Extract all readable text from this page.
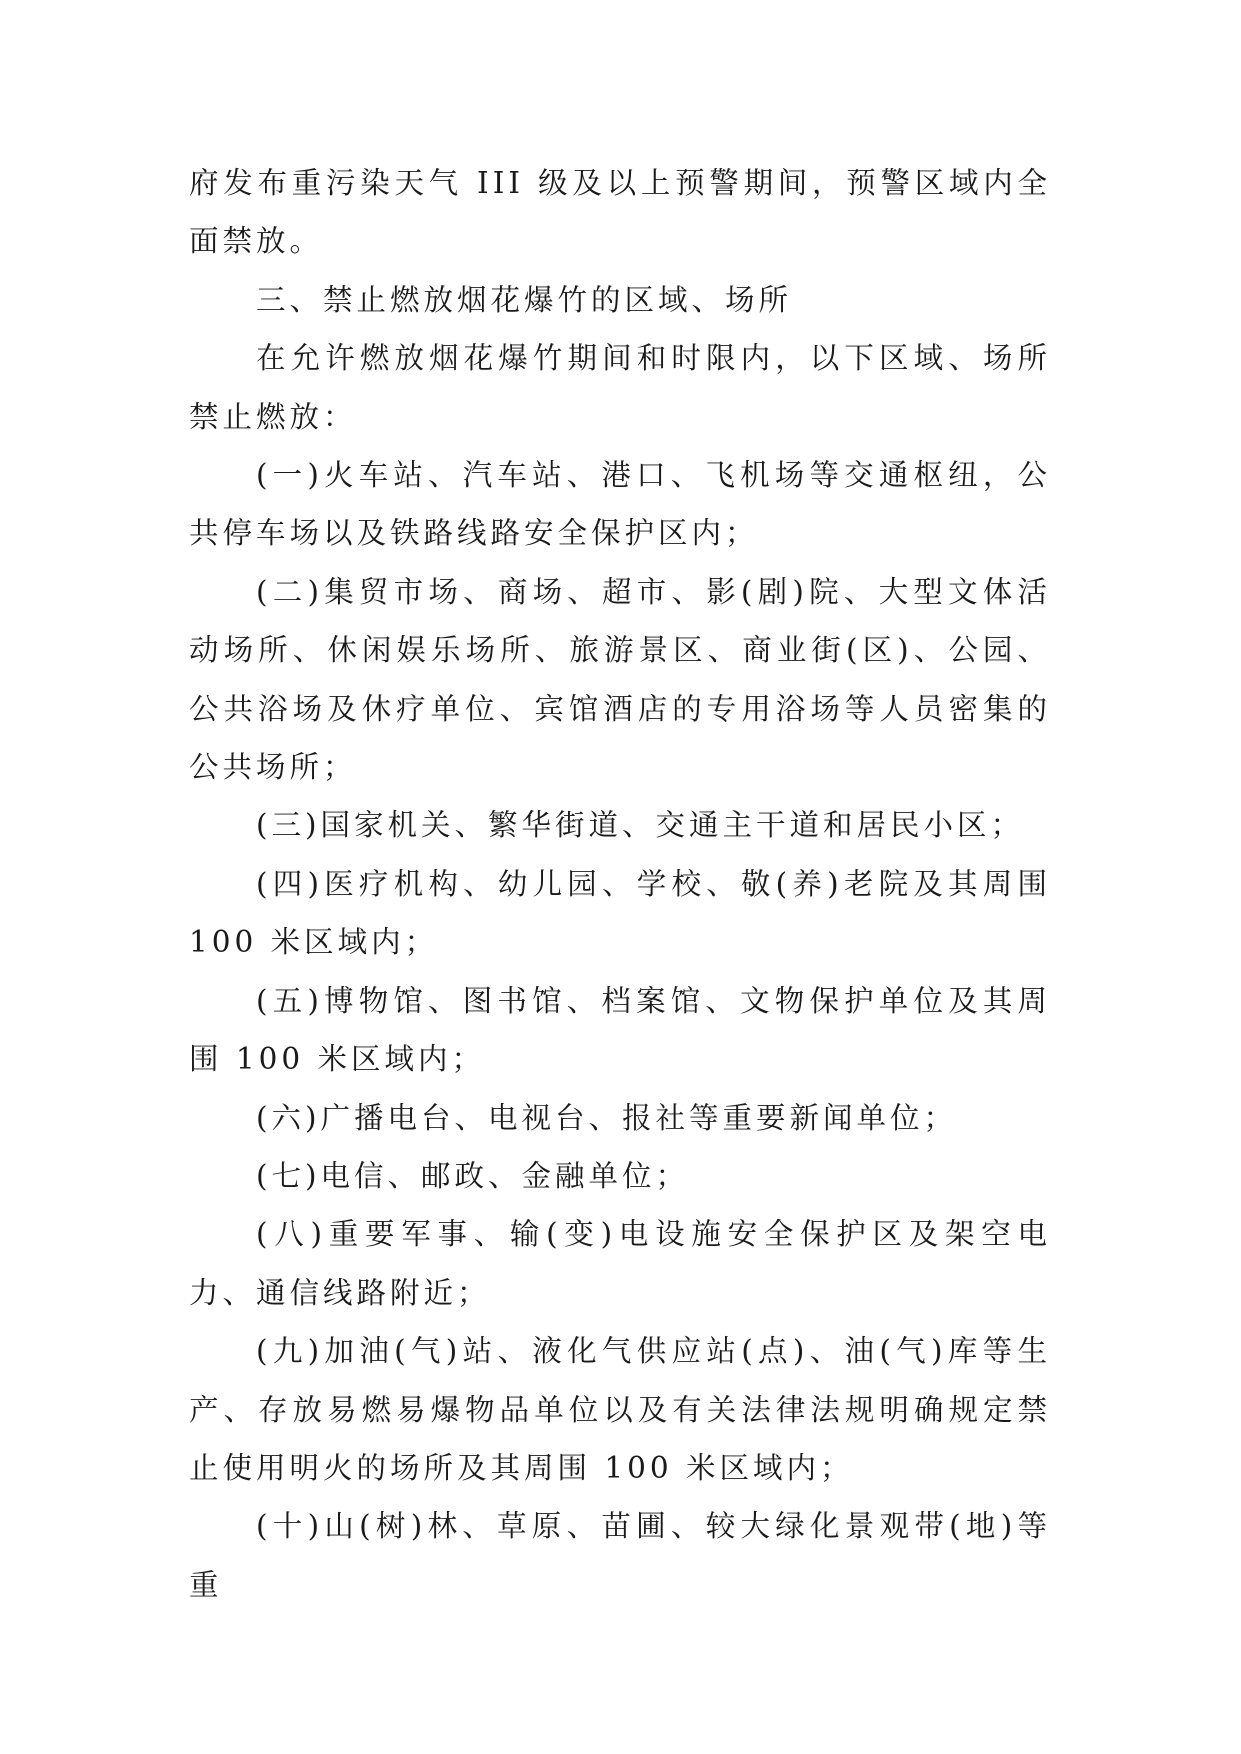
府发布重污染天气 III 级及以上预警期间，预警区域内全面禁放。

三、禁止燃放烟花爆竹的区域、场所

在允许燃放烟花爆竹期间和时限内，以下区域、场所禁止燃放：

(一)火车站、汽车站、港口、飞机场等交通枢纽，公共停车场以及铁路线路安全保护区内；

(二)集贸市场、商场、超市、影(剧)院、大型文体活动场所、休闲娱乐场所、旅游景区、商业街(区)、公园、公共浴场及休疗单位、宾馆酒店的专用浴场等人员密集的公共场所；

(三)国家机关、繁华街道、交通主干道和居民小区；

(四)医疗机构、幼儿园、学校、敬(养)老院及其周围 100 米区域内；

(五)博物馆、图书馆、档案馆、文物保护单位及其周围 100 米区域内；

(六)广播电台、电视台、报社等重要新闻单位；

(七)电信、邮政、金融单位；

(八)重要军事、输(变)电设施安全保护区及架空电力、通信线路附近；

(九)加油(气)站、液化气供应站(点)、油(气)库等生产、存放易燃易爆物品单位以及有关法律法规明确规定禁止使用明火的场所及其周围 100 米区域内；

(十)山(树)林、草原、苗圃、较大绿化景观带(地)等重
